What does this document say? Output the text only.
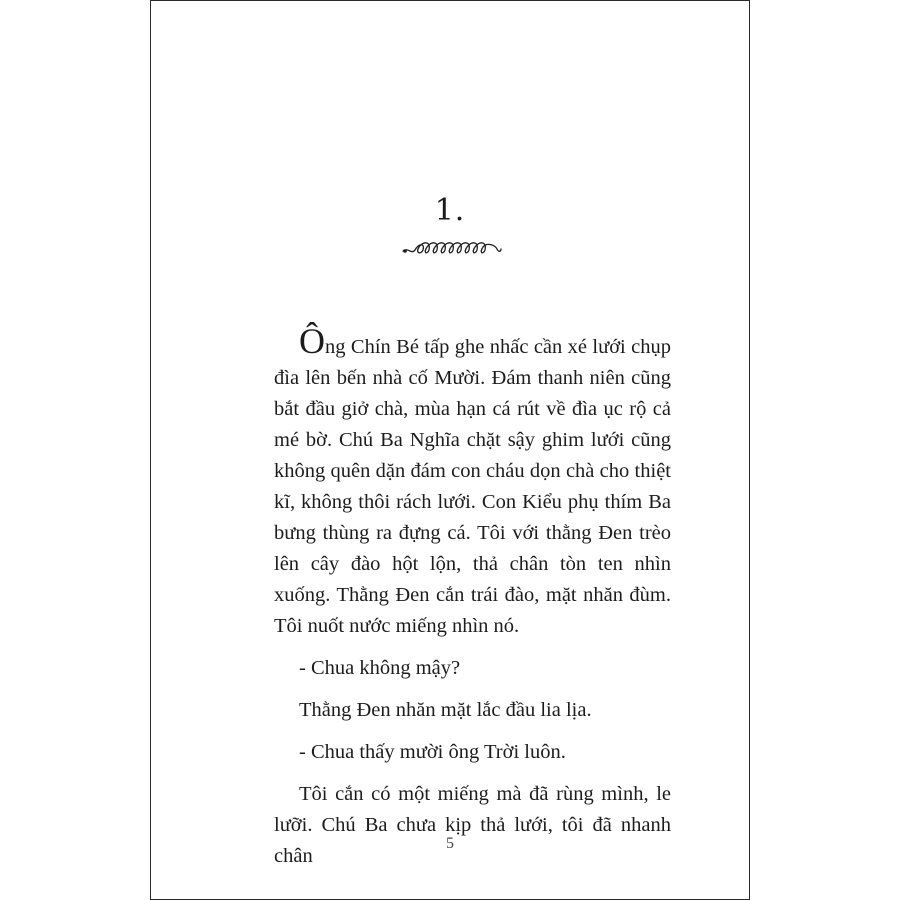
1.

Ông Chín Bé tấp ghe nhấc cần xé lưới chụp đìa lên bến nhà cố Mười. Đám thanh niên cũng bắt đầu giở chà, mùa hạn cá rút về đìa ục rộ cả mé bờ. Chú Ba Nghĩa chặt sậy ghim lưới cũng không quên dặn đám con cháu dọn chà cho thiệt kĩ, không thôi rách lưới. Con Kiểu phụ thím Ba bưng thùng ra đựng cá. Tôi với thằng Đen trèo lên cây đào hột lộn, thả chân tòn ten nhìn xuống. Thằng Đen cắn trái đào, mặt nhăn đùm. Tôi nuốt nước miếng nhìn nó.

- Chua không mậy?

Thằng Đen nhăn mặt lắc đầu lia lịa.

- Chua thấy mười ông Trời luôn.

Tôi cắn có một miếng mà đã rùng mình, le lưỡi. Chú Ba chưa kịp thả lưới, tôi đã nhanh chân

5
